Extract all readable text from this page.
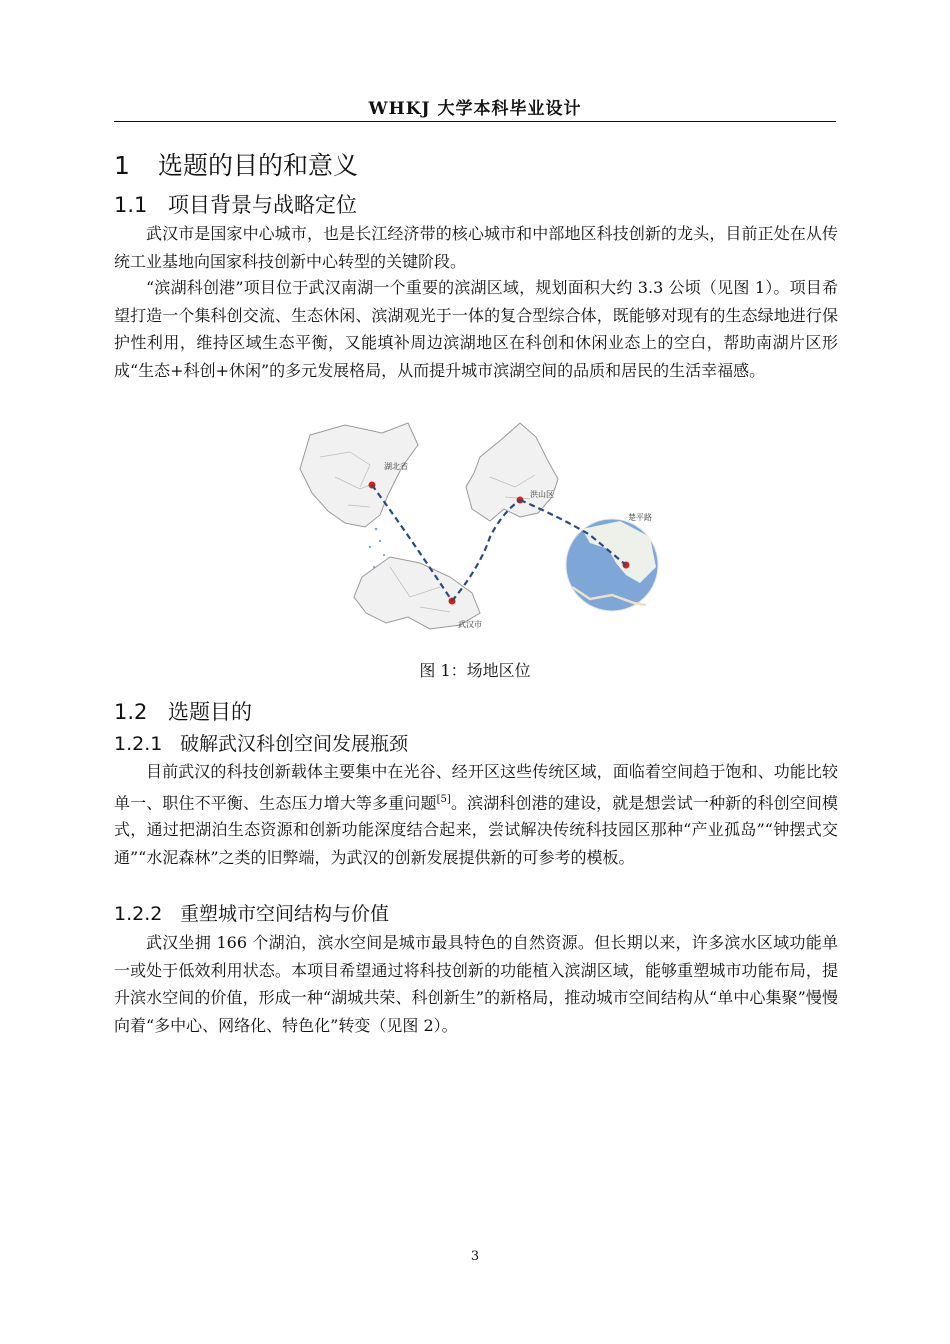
WHKJ 大学本科毕业设计
1 选题的目的和意义
1.1 项目背景与战略定位

武汉市是国家中心城市，也是长江经济带的核心城市和中部地区科技创新的龙头，目前正处在从传统工业基地向国家科技创新中心转型的关键阶段。

“滨湖科创港”项目位于武汉南湖一个重要的滨湖区域，规划面积大约 3.3 公顷（见图 1）。项目希望打造一个集科创交流、生态休闲、滨湖观光于一体的复合型综合体，既能够对现有的生态绿地进行保护性利用，维持区域生态平衡，又能填补周边滨湖地区在科创和休闲业态上的空白，帮助南湖片区形成“生态+科创+休闲”的多元发展格局，从而提升城市滨湖空间的品质和居民的生活幸福感。

湖北省
武汉市
洪山区
楚平路
图 1：场地区位
1.2 选题目的
1.2.1 破解武汉科创空间发展瓶颈

目前武汉的科技创新载体主要集中在光谷、经开区这些传统区域，面临着空间趋于饱和、功能比较单一、职住不平衡、生态压力增大等多重问题[5]。滨湖科创港的建设，就是想尝试一种新的科创空间模式，通过把湖泊生态资源和创新功能深度结合起来，尝试解决传统科技园区那种“产业孤岛”“钟摆式交通”“水泥森林”之类的旧弊端，为武汉的创新发展提供新的可参考的模板。

1.2.2 重塑城市空间结构与价值

武汉坐拥 166 个湖泊，滨水空间是城市最具特色的自然资源。但长期以来，许多滨水区域功能单一或处于低效利用状态。本项目希望通过将科技创新的功能植入滨湖区域，能够重塑城市功能布局，提升滨水空间的价值，形成一种“湖城共荣、科创新生”的新格局，推动城市空间结构从“单中心集聚”慢慢向着“多中心、网络化、特色化”转变（见图 2）。

3
